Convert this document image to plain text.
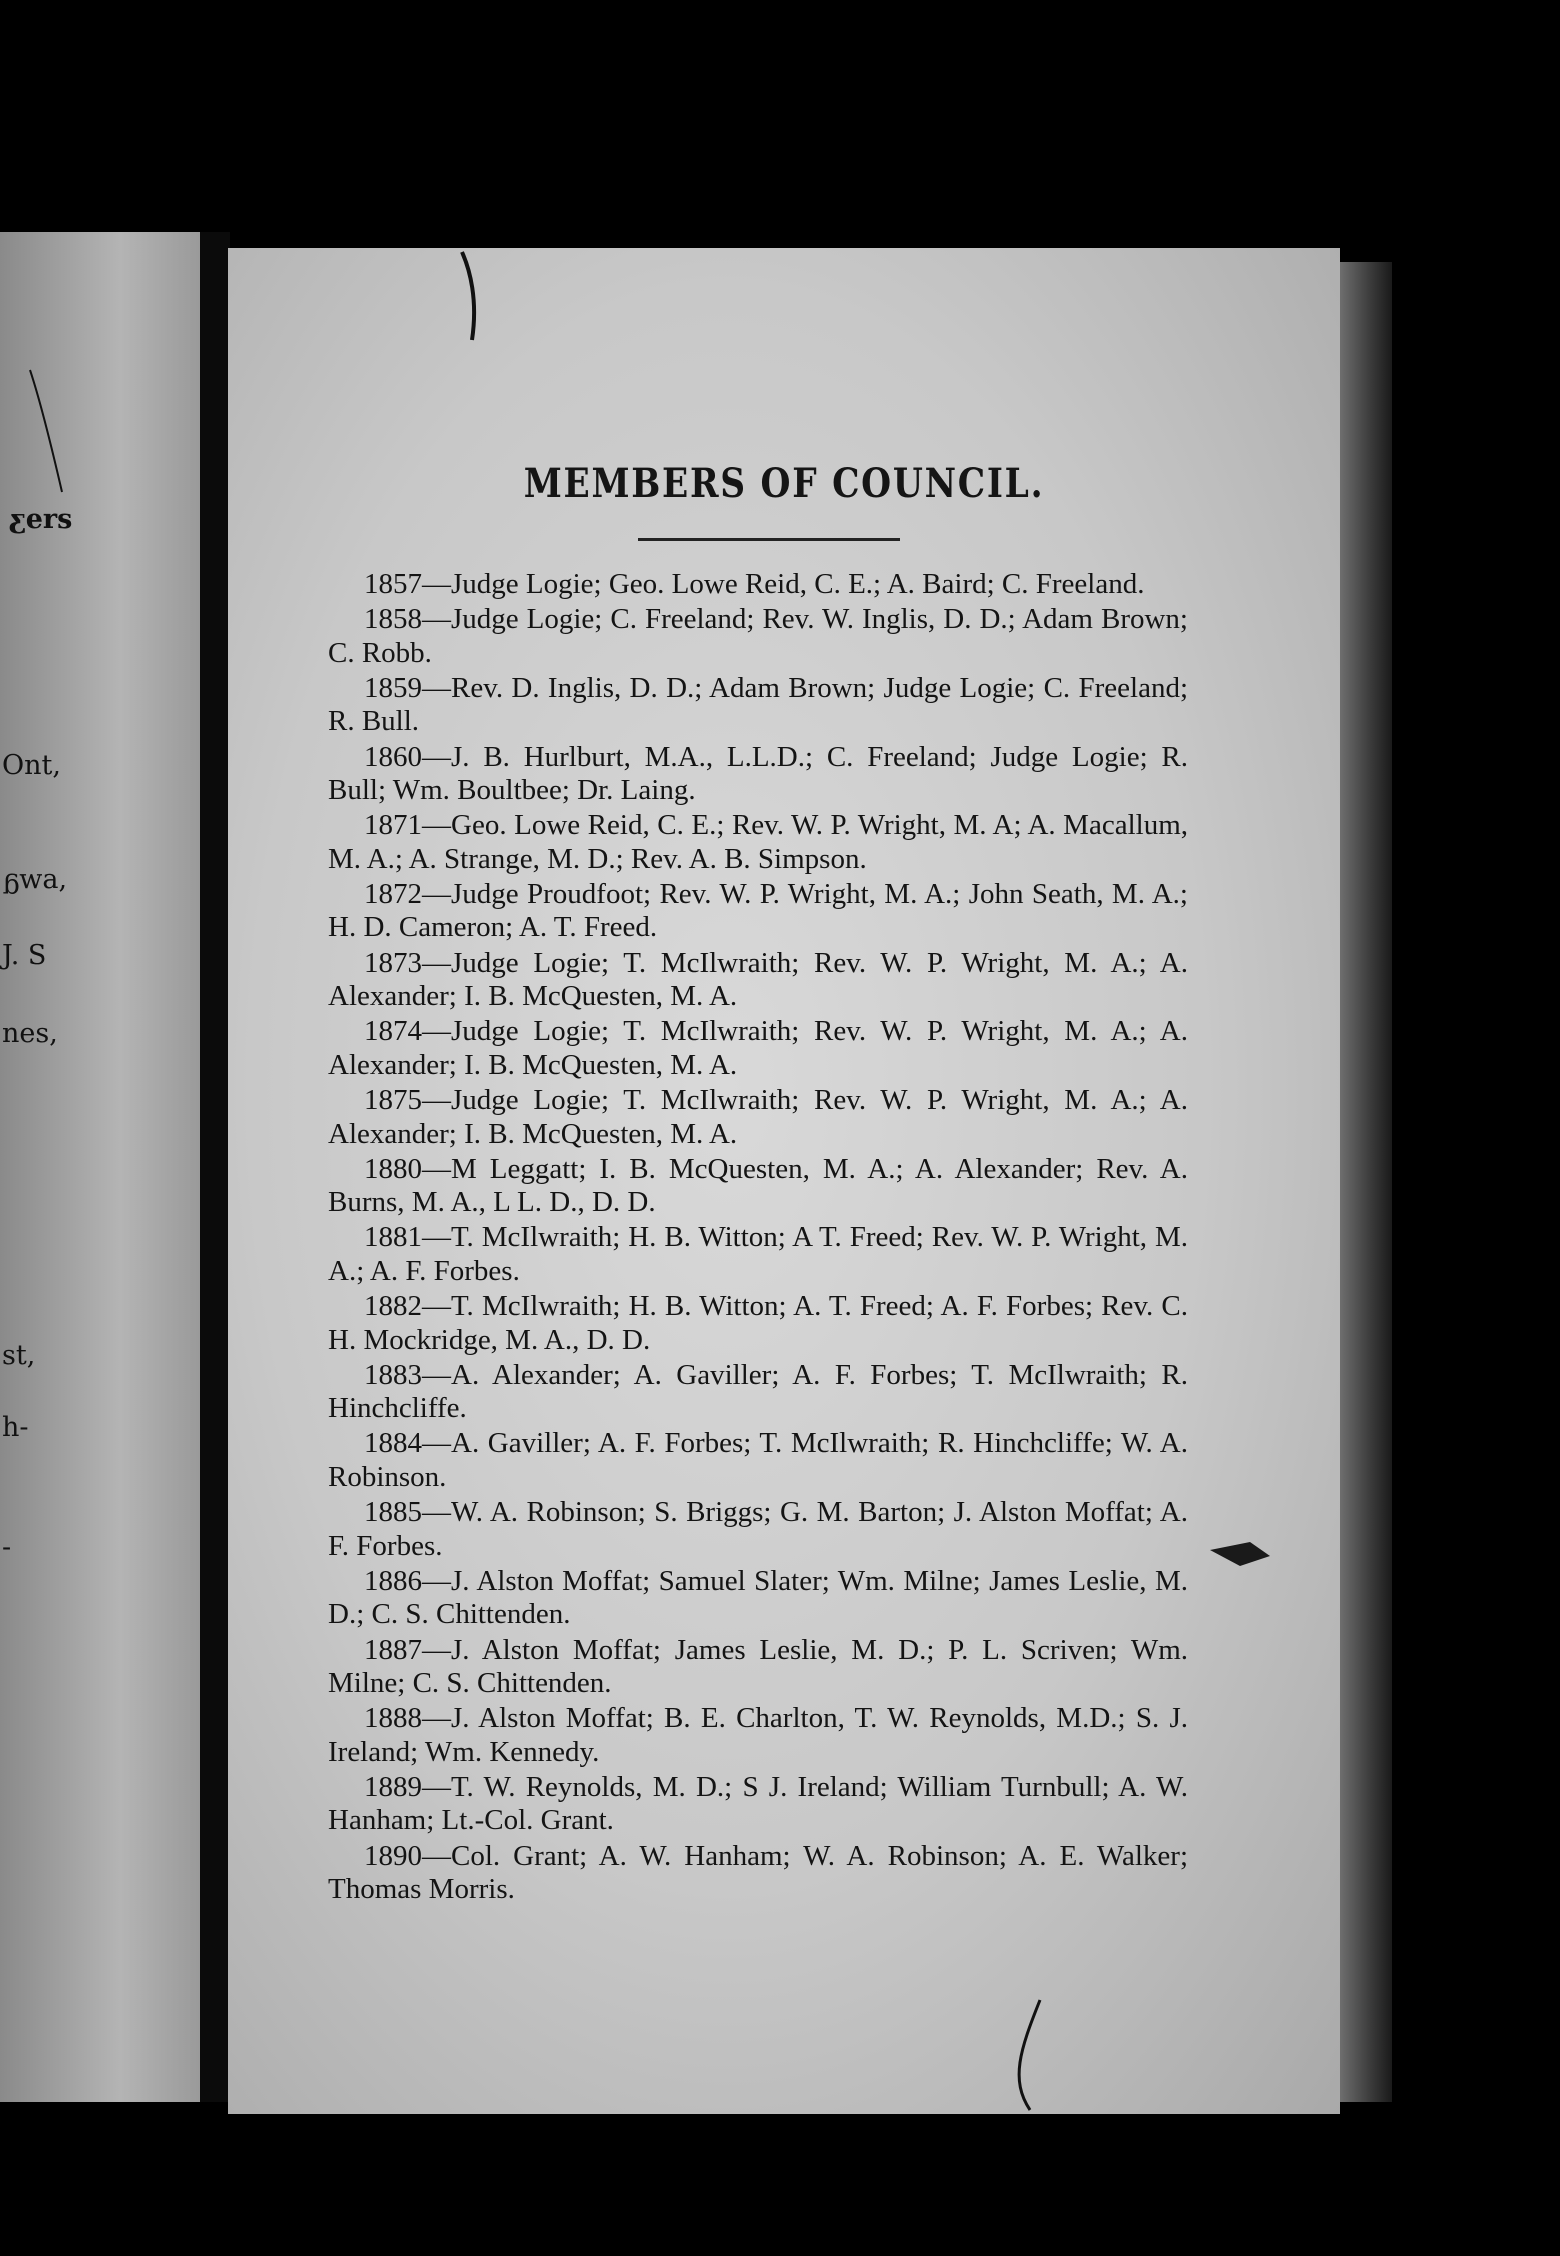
ƹers
Ont,
ᵷwa,
J. S
nes,
st,
h-
-
MEMBERS OF COUNCIL.

1857—Judge Logie; Geo. Lowe Reid, C. E.; A. Baird; C. Freeland.

1858—Judge Logie; C. Freeland; Rev. W. Inglis, D. D.; Adam Brown; C. Robb.

1859—Rev. D. Inglis, D. D.; Adam Brown; Judge Logie; C. Freeland; R. Bull.

1860—J. B. Hurlburt, M.A., L.L.D.; C. Freeland; Judge Logie; R. Bull; Wm. Boultbee; Dr. Laing.

1871—Geo. Lowe Reid, C. E.; Rev. W. P. Wright, M. A; A. Macallum, M. A.; A. Strange, M. D.; Rev. A. B. Simpson.

1872—Judge Proudfoot; Rev. W. P. Wright, M. A.; John Seath, M. A.; H. D. Cameron; A. T. Freed.

1873—Judge Logie; T. McIlwraith; Rev. W. P. Wright, M. A.; A. Alexander; I. B. McQuesten, M. A.

1874—Judge Logie; T. McIlwraith; Rev. W. P. Wright, M. A.; A. Alexander; I. B. McQuesten, M. A.

1875—Judge Logie; T. McIlwraith; Rev. W. P. Wright, M. A.; A. Alexander; I. B. McQuesten, M. A.

1880—M Leggatt; I. B. McQuesten, M. A.; A. Alexander; Rev. A. Burns, M. A., L L. D., D. D.

1881—T. McIlwraith; H. B. Witton; A T. Freed; Rev. W. P. Wright, M. A.; A. F. Forbes.

1882—T. McIlwraith; H. B. Witton; A. T. Freed; A. F. Forbes; Rev. C. H. Mockridge, M. A., D. D.

1883—A. Alexander; A. Gaviller; A. F. Forbes; T. McIlwraith; R. Hinchcliffe.

1884—A. Gaviller; A. F. Forbes; T. McIlwraith; R. Hinchcliffe; W. A. Robinson.

1885—W. A. Robinson; S. Briggs; G. M. Barton; J. Alston Moffat; A. F. Forbes.

1886—J. Alston Moffat; Samuel Slater; Wm. Milne; James Leslie, M. D.; C. S. Chittenden.

1887—J. Alston Moffat; James Leslie, M. D.; P. L. Scriven; Wm. Milne; C. S. Chittenden.

1888—J. Alston Moffat; B. E. Charlton, T. W. Reynolds, M.D.; S. J. Ireland; Wm. Kennedy.

1889—T. W. Reynolds, M. D.; S J. Ireland; William Turnbull; A. W. Hanham; Lt.-Col. Grant.

1890—Col. Grant; A. W. Hanham; W. A. Robinson; A. E. Walker; Thomas Morris.
